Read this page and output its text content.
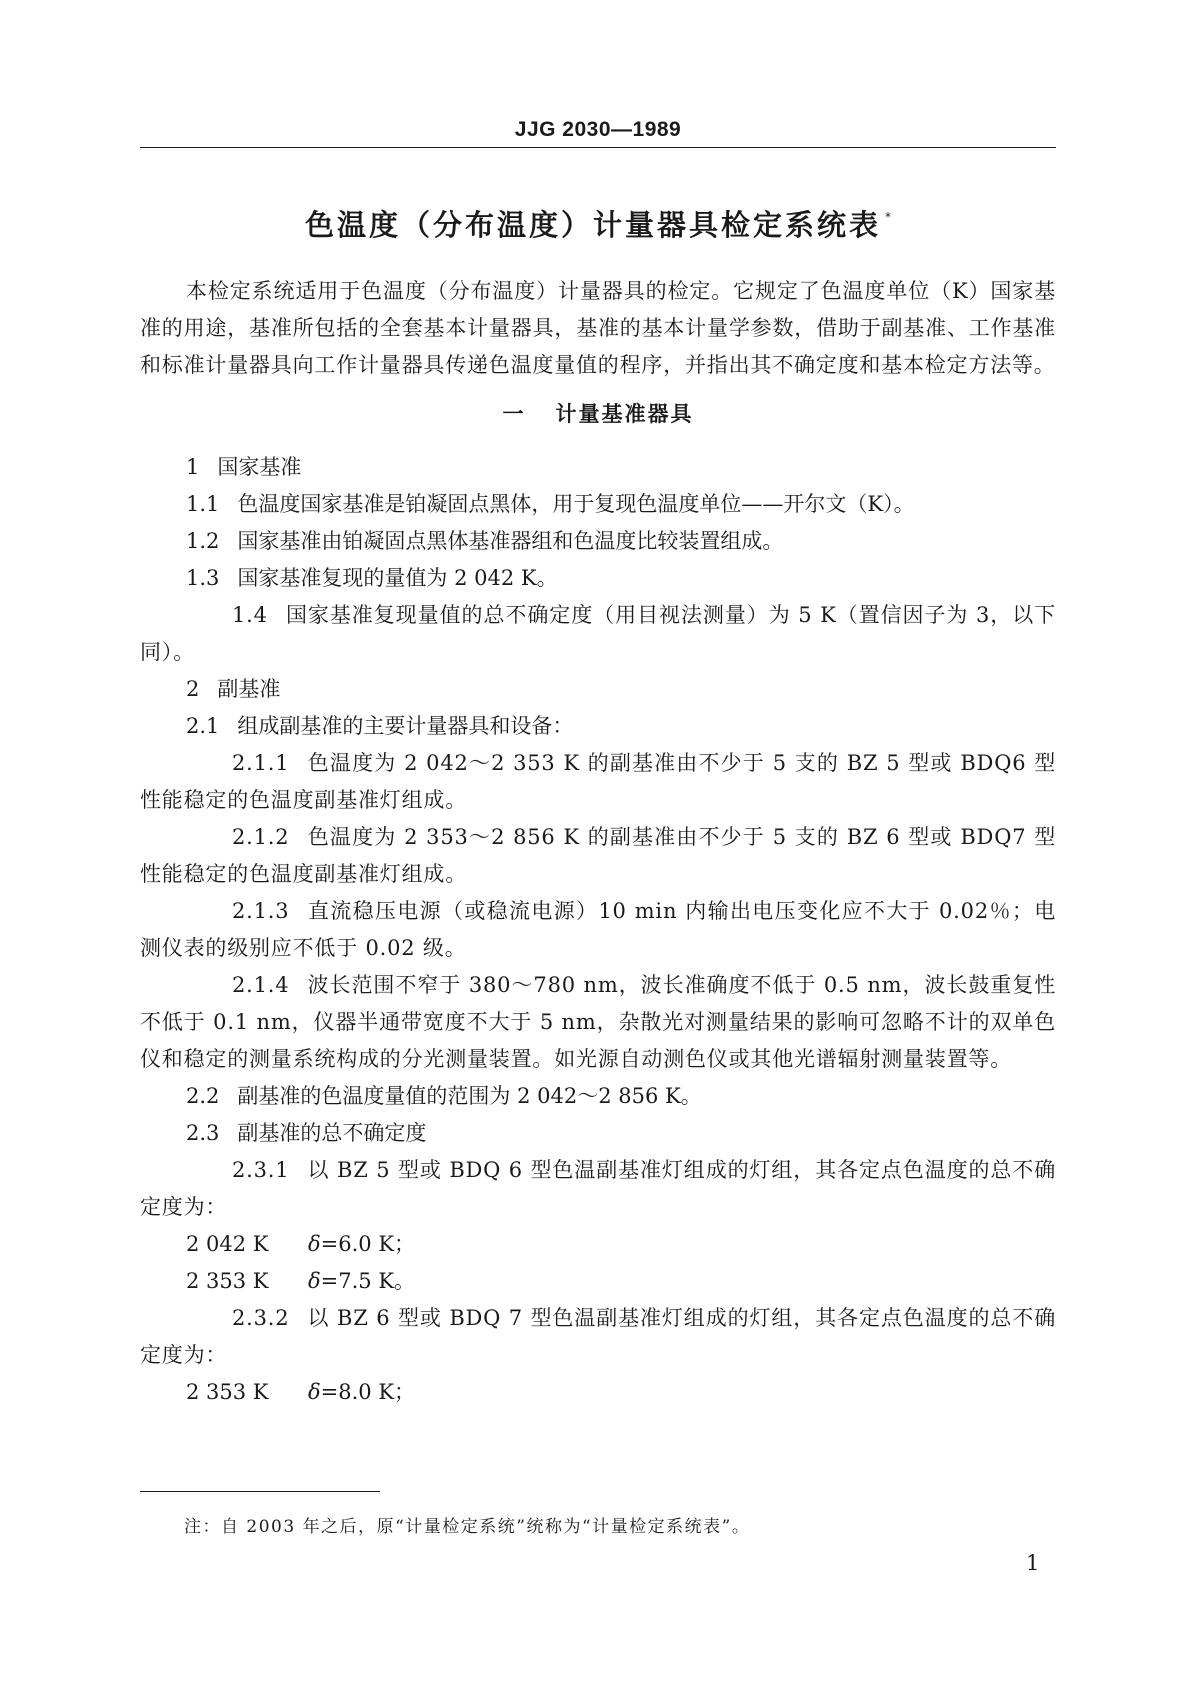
JJG 2030—1989
色温度（分布温度）计量器具检定系统表 *

本检定系统适用于色温度（分布温度）计量器具的检定。它规定了色温度单位（K）国家基准的用途，基准所包括的全套基本计量器具，基准的基本计量学参数，借助于副基准、工作基准和标准计量器具向工作计量器具传递色温度量值的程序，并指出其不确定度和基本检定方法等。

一 计量基准器具

1 国家基准

1.1 色温度国家基准是铂凝固点黑体，用于复现色温度单位——开尔文（K）。

1.2 国家基准由铂凝固点黑体基准器组和色温度比较装置组成。

1.3 国家基准复现的量值为 2 042 K。

1.4 国家基准复现量值的总不确定度（用目视法测量）为 5 K（置信因子为 3，以下同）。

2 副基准

2.1 组成副基准的主要计量器具和设备：

2.1.1 色温度为 2 042～2 353 K 的副基准由不少于 5 支的 BZ 5 型或 BDQ6 型性能稳定的色温度副基准灯组成。

2.1.2 色温度为 2 353～2 856 K 的副基准由不少于 5 支的 BZ 6 型或 BDQ7 型性能稳定的色温度副基准灯组成。

2.1.3 直流稳压电源（或稳流电源）10 min 内输出电压变化应不大于 0.02％；电测仪表的级别应不低于 0.02 级。

2.1.4 波长范围不窄于 380～780 nm，波长准确度不低于 0.5 nm，波长鼓重复性不低于 0.1 nm，仪器半通带宽度不大于 5 nm，杂散光对测量结果的影响可忽略不计的双单色仪和稳定的测量系统构成的分光测量装置。如光源自动测色仪或其他光谱辐射测量装置等。

2.2 副基准的色温度量值的范围为 2 042～2 856 K。

2.3 副基准的总不确定度

2.3.1 以 BZ 5 型或 BDQ 6 型色温副基准灯组成的灯组，其各定点色温度的总不确定度为：

2 042 K δ=6.0 K；

2 353 K δ=7.5 K。

2.3.2 以 BZ 6 型或 BDQ 7 型色温副基准灯组成的灯组，其各定点色温度的总不确定度为：

2 353 K δ=8.0 K；

注：自 2003 年之后，原“计量检定系统”统称为“计量检定系统表”。
1
